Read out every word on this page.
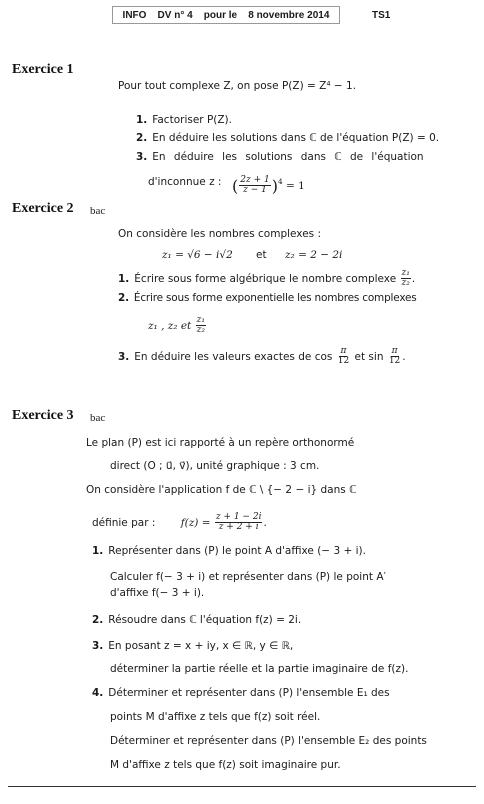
INFO DV n° 4 pour le 8 novembre 2014	TS1
Exercice 1
Pour tout complexe Z, on pose P(Z) = Z⁴ − 1.
1. Factoriser P(Z).
2. En déduire les solutions dans ℂ de l'équation P(Z) = 0.
3. En déduire les solutions dans ℂ de l'équation
d'inconnue z : ( $\frac{2z + 1}{z - 1} )^4 = 1$
Exercice 2 bac
On considère les nombres complexes :
z₁ = √6 − i√2 et z₂ = 2 − 2i
1. Écrire sous forme algébrique le nombre complexe $\frac{\text{z₁}}{\text{z₂}}$ .
2. Écrire sous forme exponentielle les nombres complexes
z₁ , z₂ et $\frac{\text{z₁}}{\text{z₂}}$
3. En déduire les valeurs exactes de $\cos \frac{\pi}{12}$ et $\sin \frac{\pi}{12}$ .
Exercice 3 bac
Le plan (P) est ici rapporté à un repère orthonormé
direct (O ; u⃗, v⃗), unité graphique : 3 cm.
On considère l'application f de ℂ \ {− 2 − i} dans ℂ
définie par : $f(z) = \frac{z + 1 - 2i}{z + 2 + i}$ .
1. Représenter dans (P) le point A d'affixe (− 3 + i).
Calculer f(− 3 + i) et représenter dans (P) le point A′
d'affixe f(− 3 + i).
2. Résoudre dans ℂ l'équation f(z) = 2i.
3. En posant z = x + iy, x ∈ ℝ, y ∈ ℝ,
déterminer la partie réelle et la partie imaginaire de f(z).
4. Déterminer et représenter dans (P) l'ensemble E₁ des
points M d'affixe z tels que f(z) soit réel.
Déterminer et représenter dans (P) l'ensemble E₂ des points
M d'affixe z tels que f(z) soit imaginaire pur.
